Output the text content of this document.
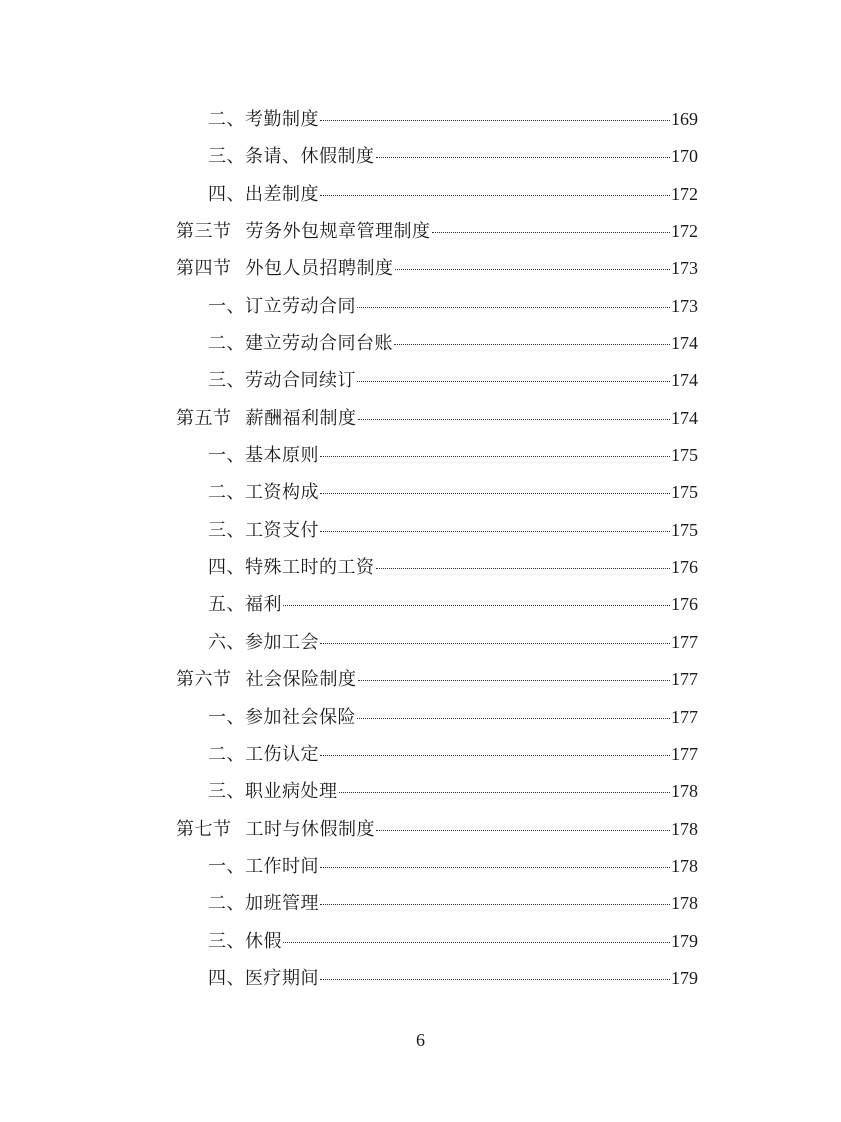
二、考勤制度	169
三、条请、休假制度	170
四、出差制度	172
第三节 劳务外包规章管理制度	172
第四节 外包人员招聘制度	173
一、订立劳动合同	173
二、建立劳动合同台账	174
三、劳动合同续订	174
第五节 薪酬福利制度	174
一、基本原则	175
二、工资构成	175
三、工资支付	175
四、特殊工时的工资	176
五、福利	176
六、参加工会	177
第六节 社会保险制度	177
一、参加社会保险	177
二、工伤认定	177
三、职业病处理	178
第七节 工时与休假制度	178
一、工作时间	178
二、加班管理	178
三、休假	179
四、医疗期间	179
6
